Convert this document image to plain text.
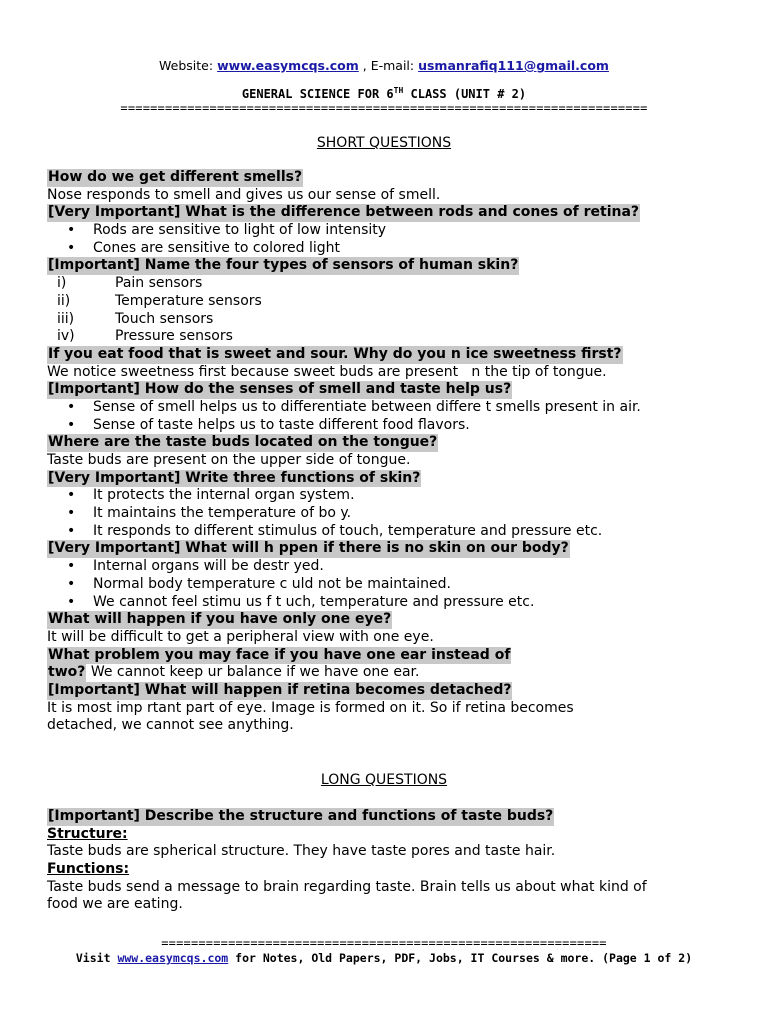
Website: www.easymcqs.com , E-mail: usmanrafiq111@gmail.com
GENERAL SCIENCE FOR 6TH CLASS (UNIT # 2)
=======================================================================
SHORT QUESTIONS
How do we get different smells?
Nose responds to smell and gives us our sense of smell.
[Very Important] What is the difference between rods and cones of retina?
• Rods are sensitive to light of low intensity
• Cones are sensitive to colored light
[Important] Name the four types of sensors of human skin?
i)	Pain sensors
ii)	Temperature sensors
iii)	Touch sensors
iv)	Pressure sensors
If you eat food that is sweet and sour. Why do you n ice sweetness first?
We notice sweetness first because sweet buds are present   n the tip of tongue.
[Important] How do the senses of smell and taste help us?
• Sense of smell helps us to differentiate between differe t smells present in air.
• Sense of taste helps us to taste different food flavors.
Where are the taste buds located on the tongue?
Taste buds are present on the upper side of tongue.
[Very Important] Write three functions of skin?
• It protects the internal organ system.
• It maintains the temperature of bo y.
• It responds to different stimulus of touch, temperature and pressure etc.
[Very Important] What will h ppen if there is no skin on our body?
• Internal organs will be destr yed.
• Normal body temperature c uld not be maintained.
• We cannot feel stimu us f t uch, temperature and pressure etc.
What will happen if you have only one eye?
It will be difficult to get a peripheral view with one eye.
What problem you may face if you have one ear instead of
two? We cannot keep ur balance if we have one ear.
[Important] What will happen if retina becomes detached?
It is most imp rtant part of eye. Image is formed on it. So if retina becomes
detached, we cannot see anything.
LONG QUESTIONS
[Important] Describe the structure and functions of taste buds?
Structure:
Taste buds are spherical structure. They have taste pores and taste hair.
Functions:
Taste buds send a message to brain regarding taste. Brain tells us about what kind of
food we are eating.
============================================================
Visit www.easymcqs.com for Notes, Old Papers, PDF, Jobs, IT Courses & more. (Page 1 of 2)
